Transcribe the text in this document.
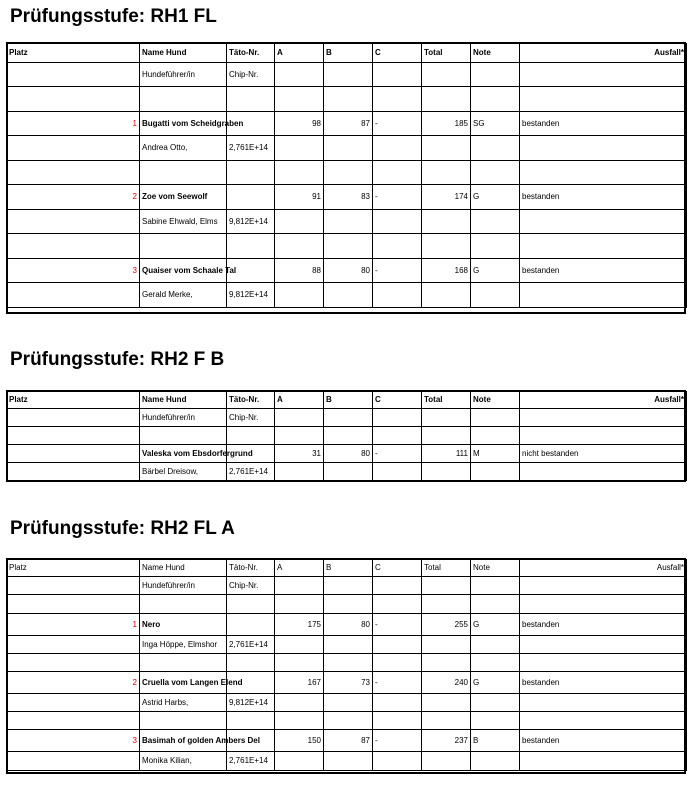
Prüfungsstufe: RH1 FL
Platz	Name Hund	Täto-Nr.	A	B	C	Total	Note	Ausfall*
	Hundeführer/in	Chip-Nr.						

1	Bugatti vom Scheidgraben		98	87	-	185	SG	bestanden
	Andrea Otto,	2,761E+14						

2	Zoe vom Seewolf		91	83	-	174	G	bestanden
	Sabine Ehwald, Elms	9,812E+14						

3	Quaiser vom Schaale Tal		88	80	-	168	G	bestanden
	Gerald Merke,	9,812E+14						
Prüfungsstufe: RH2 F B
Platz	Name Hund	Täto-Nr.	A	B	C	Total	Note	Ausfall*
	Hundeführer/in	Chip-Nr.						

	Valeska vom Ebsdorfergrund		31	80	-	111	M	nicht bestanden
	Bärbel Dreisow,	2,761E+14						
Prüfungsstufe: RH2 FL A
Platz	Name Hund	Täto-Nr.	A	B	C	Total	Note	Ausfall*
	Hundeführer/in	Chip-Nr.						

1	Nero		175	80	-	255	G	bestanden
	Inga Höppe, Elmshor	2,761E+14						

2	Cruella vom Langen Elend		167	73	-	240	G	bestanden
	Astrid Harbs,	9,812E+14						

3	Basimah of golden Ambers Del		150	87	-	237	B	bestanden
	Monika Kilian,	2,761E+14						
